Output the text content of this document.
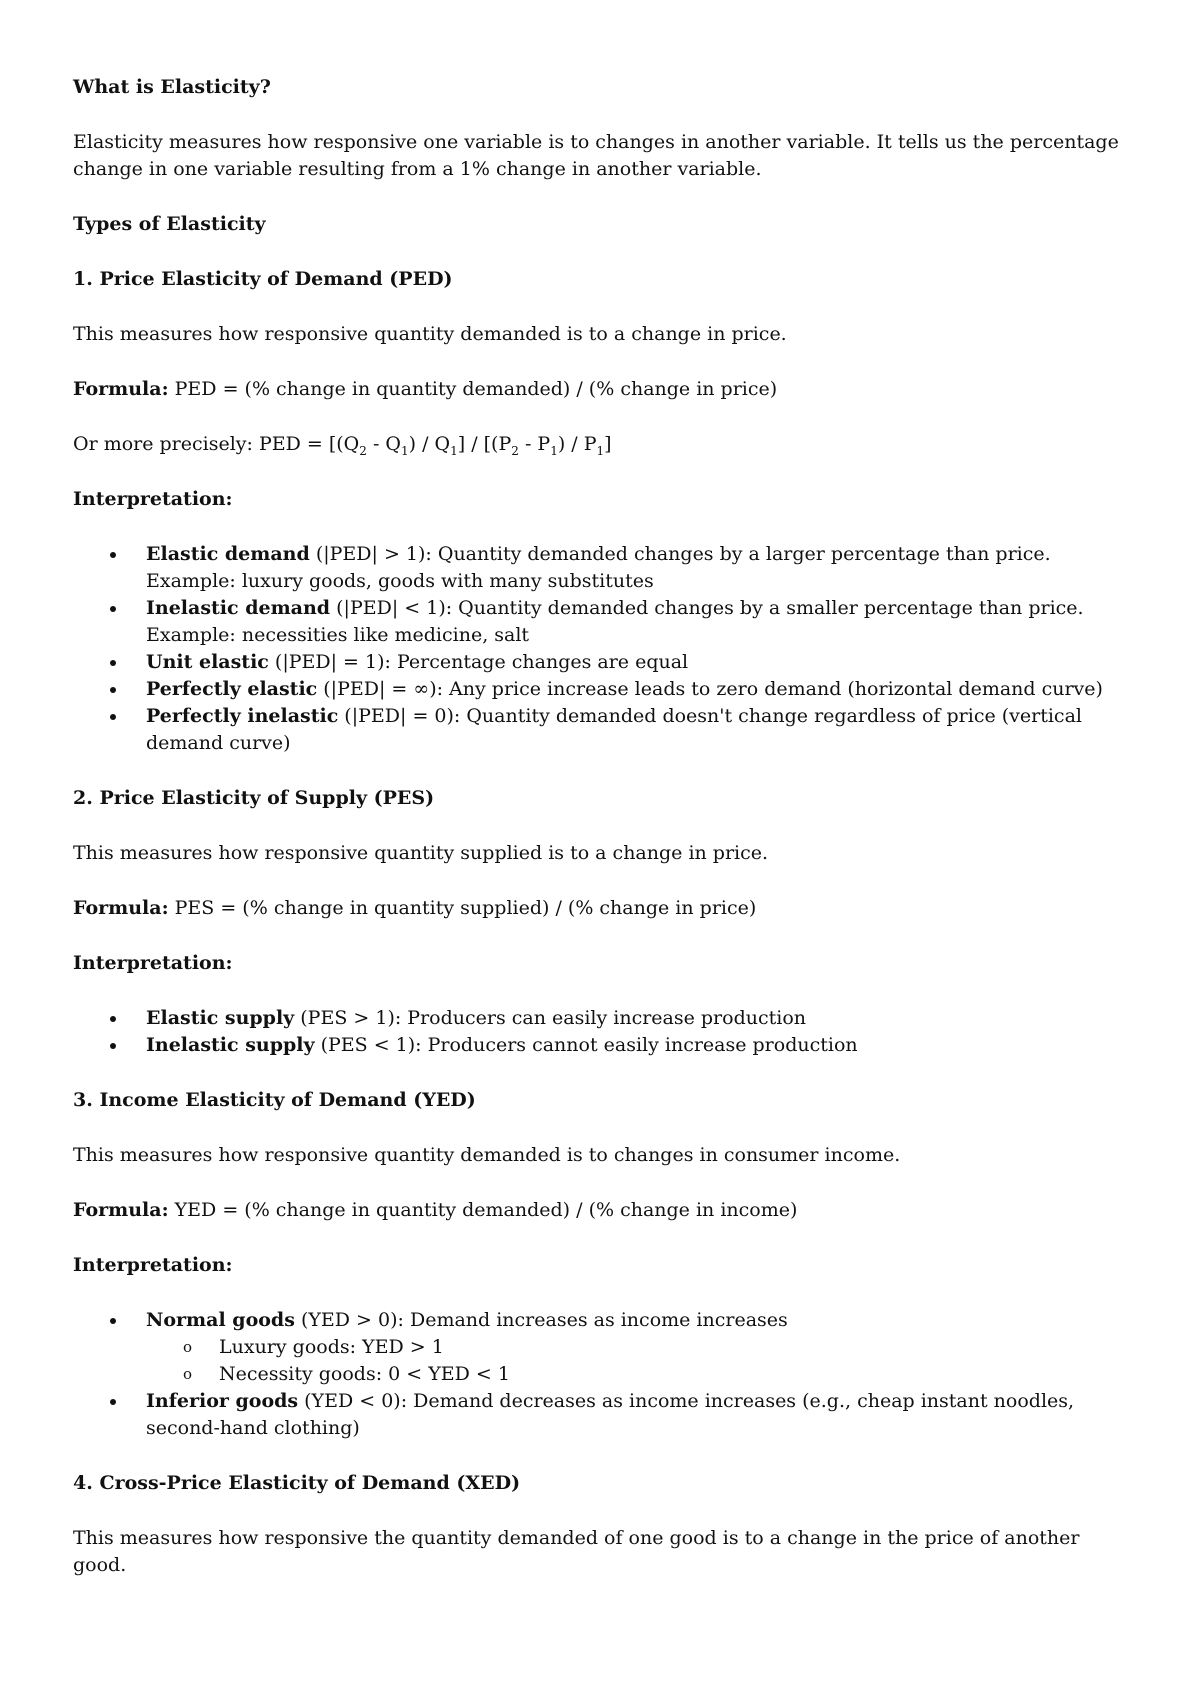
What is Elasticity?

Elasticity measures how responsive one variable is to changes in another variable. It tells us the percentage change in one variable resulting from a 1% change in another variable.

Types of Elasticity

1. Price Elasticity of Demand (PED)

This measures how responsive quantity demanded is to a change in price.

Formula: PED = (% change in quantity demanded) / (% change in price)

Or more precisely: PED = $[(Q_2 - Q_1) / Q_1] / [(P_2 - P_1) / P_1]$

Interpretation:

Elastic demand (|PED| > 1): Quantity demanded changes by a larger percentage than price. Example: luxury goods, goods with many substitutes
Inelastic demand (|PED| < 1): Quantity demanded changes by a smaller percentage than price. Example: necessities like medicine, salt
Unit elastic (|PED| = 1): Percentage changes are equal
Perfectly elastic (|PED| = ∞): Any price increase leads to zero demand (horizontal demand curve)
Perfectly inelastic (|PED| = 0): Quantity demanded doesn't change regardless of price (vertical demand curve)

2. Price Elasticity of Supply (PES)

This measures how responsive quantity supplied is to a change in price.

Formula: PES = (% change in quantity supplied) / (% change in price)

Interpretation:

Elastic supply (PES > 1): Producers can easily increase production
Inelastic supply (PES < 1): Producers cannot easily increase production

3. Income Elasticity of Demand (YED)

This measures how responsive quantity demanded is to changes in consumer income.

Formula: YED = (% change in quantity demanded) / (% change in income)

Interpretation:

Normal goods (YED > 0): Demand increases as income increases
o Luxury goods: YED > 1
o Necessity goods: 0 < YED < 1
Inferior goods (YED < 0): Demand decreases as income increases (e.g., cheap instant noodles, second-hand clothing)

4. Cross-Price Elasticity of Demand (XED)

This measures how responsive the quantity demanded of one good is to a change in the price of another good.
